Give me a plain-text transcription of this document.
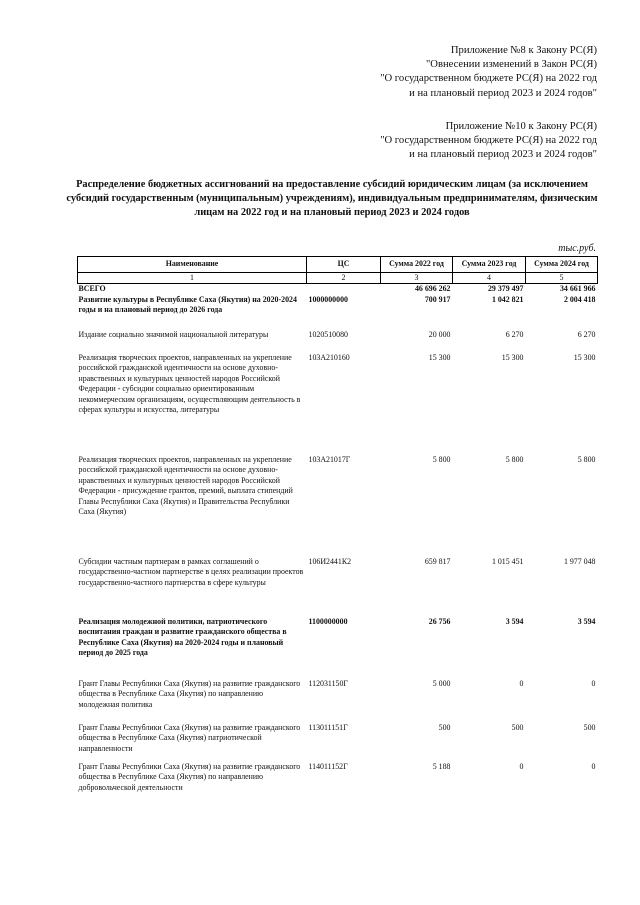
Приложение №8 к Закону РС(Я)
"Овнесении изменений в Закон РС(Я)
"О государственном бюджете РС(Я) на 2022 год
и на плановый период 2023 и 2024 годов"
Приложение №10 к Закону РС(Я)
"О государственном бюджете РС(Я) на 2022 год
и на плановый период 2023 и 2024 годов"
Распределение бюджетных ассигнований на предоставление субсидий юридическим лицам (за исключением субсидий государственным (муниципальным) учреждениям), индивидуальным предпринимателям, физическим лицам на 2022 год и на плановый период 2023 и 2024 годов
тыс.руб.
Наименование	ЦС	Сумма 2022 год	Сумма 2023 год	Сумма 2024 год
1	2	3	4	5
ВСЕГО		46 696 262	29 379 497	34 661 966
Развитие культуры в Республике Саха (Якутия) на 2020-2024 годы и на плановый период до 2026 года	1000000000	700 917	1 042 821	2 004 418
Издание социально значимой национальной литературы	1020510080	20 000	6 270	6 270
Реализация творческих проектов, направленных на укрепление российской гражданской идентичности на основе духовно-нравственных и культурных ценностей народов Российской Федерации - субсидии социально ориентированным некоммерческим организациям, осуществляющим деятельность в сферах культуры и искусства, литературы	103А210160	15 300	15 300	15 300
Реализация творческих проектов, направленных на укрепление российской гражданской идентичности на основе духовно-нравственных и культурных ценностей народов Российской Федерации - присуждение грантов, премий, выплата стипендий Главы Республики Саха (Якутия) и Правительства Республики Саха (Якутия)	103А21017Г	5 800	5 800	5 800
Субсидии частным партнерам в рамках соглашений о государственно-частном партнерстве в целях реализации проектов государственно-частного партнерства в сфере культуры	106И2441К2	659 817	1 015 451	1 977 048
Реализация молодежной политики, патриотического воспитания граждан и развитие гражданского общества в Республике Саха (Якутия) на 2020-2024 годы и плановый период до 2025 года	1100000000	26 756	3 594	3 594
Грант Главы Республики Саха (Якутия) на развитие гражданского общества в Республике Саха (Якутия) по направлению молодежная политика	112031150Г	5 000	0	0
Грант Главы Республики Саха (Якутия) на развитие гражданского общества в Республике Саха (Якутия) патриотической направленности	113011151Г	500	500	500
Грант Главы Республики Саха (Якутия) на развитие гражданского общества в Республике Саха (Якутия) по направлению добровольческой деятельности	114011152Г	5 188	0	0
